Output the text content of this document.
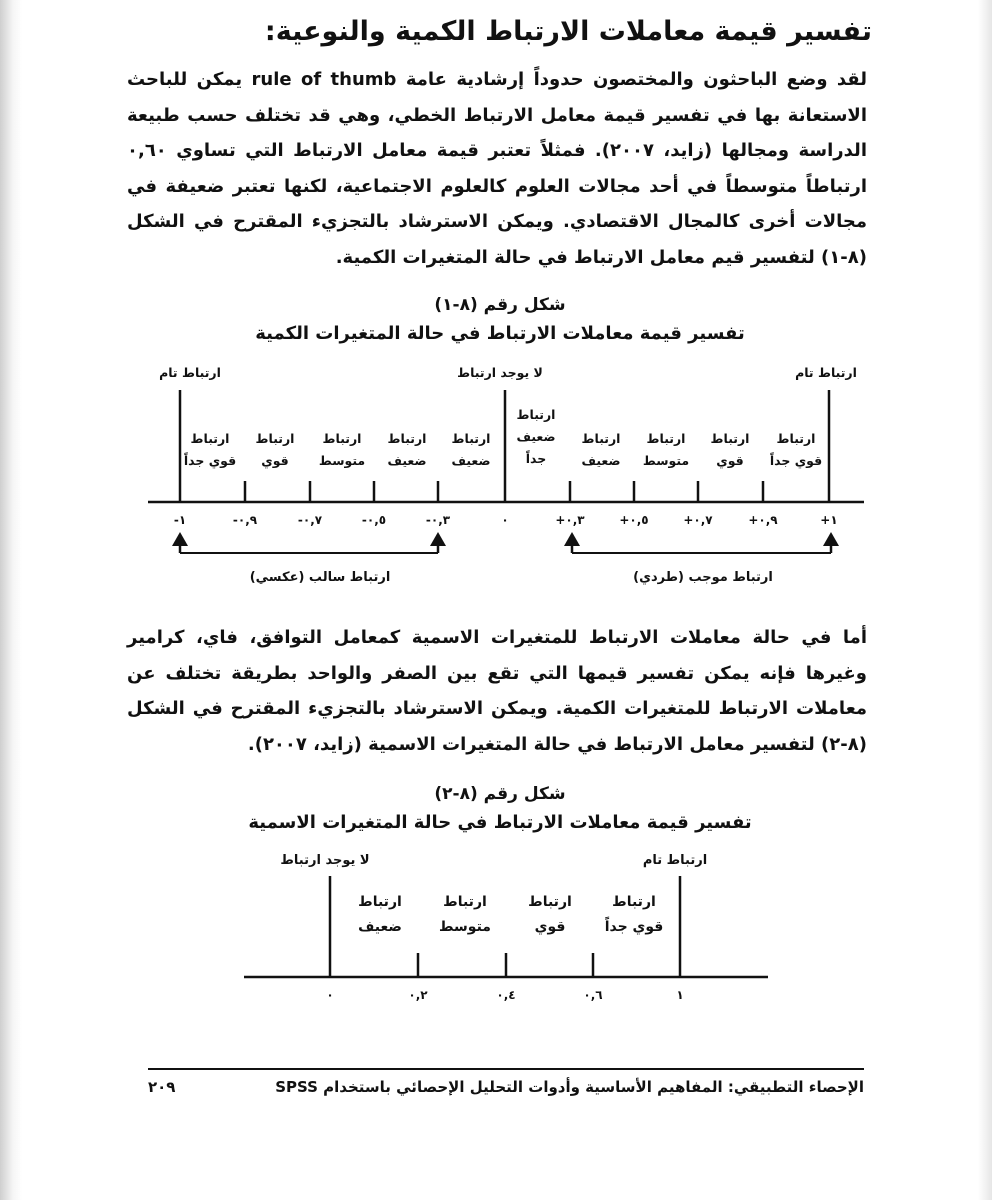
تفسير قيمة معاملات الارتباط الكمية والنوعية:
لقد وضع الباحثون والمختصون حدوداً إرشادية عامة rule of thumb يمكن للباحث
الاستعانة بها في تفسير قيمة معامل الارتباط الخطي، وهي قد تختلف حسب طبيعة
الدراسة ومجالها (زايد، ٢٠٠٧). فمثلاً تعتبر قيمة معامل الارتباط التي تساوي ٠,٦٠
ارتباطاً متوسطاً في أحد مجالات العلوم كالعلوم الاجتماعية، لكنها تعتبر ضعيفة في
مجالات أخرى كالمجال الاقتصادي. ويمكن الاسترشاد بالتجزيء المقترح في الشكل
(٨-١) لتفسير قيم معامل الارتباط في حالة المتغيرات الكمية.
شكل رقم (٨-١)
تفسير قيمة معاملات الارتباط في حالة المتغيرات الكمية
ارتباط تام	لا يوجد ارتباط	ارتباط تام
ارتباط
قوي جداً
ارتباط
قوي
ارتباط
متوسط
ارتباط
ضعيف
ارتباط
ضعيف
ارتباط
ضعيف
جداً
ارتباط
ضعيف
ارتباط
متوسط
ارتباط
قوي
ارتباط
قوي جداً
-١	-٠,٩	-٠,٧	-٠,٥	-٠,٣	٠	+٠,٣	+٠,٥	+٠,٧	+٠,٩	+١
ارتباط سالب (عكسي)	ارتباط موجب (طردي)
أما في حالة معاملات الارتباط للمتغيرات الاسمية كمعامل التوافق، فاي، كرامير
وغيرها فإنه يمكن تفسير قيمها التي تقع بين الصفر والواحد بطريقة تختلف عن
معاملات الارتباط للمتغيرات الكمية. ويمكن الاسترشاد بالتجزيء المقترح في الشكل
(٨-٢) لتفسير معامل الارتباط في حالة المتغيرات الاسمية (زايد، ٢٠٠٧).
شكل رقم (٨-٢)
تفسير قيمة معاملات الارتباط في حالة المتغيرات الاسمية
لا يوجد ارتباط	ارتباط تام
ارتباط
ضعيف
ارتباط
متوسط
ارتباط
قوي
ارتباط
قوي جداً
٠	٠,٢	٠,٤	٠,٦	١
الإحصاء التطبيقي: المفاهيم الأساسية وأدوات التحليل الإحصائي باستخدام SPSS
٢٠٩
